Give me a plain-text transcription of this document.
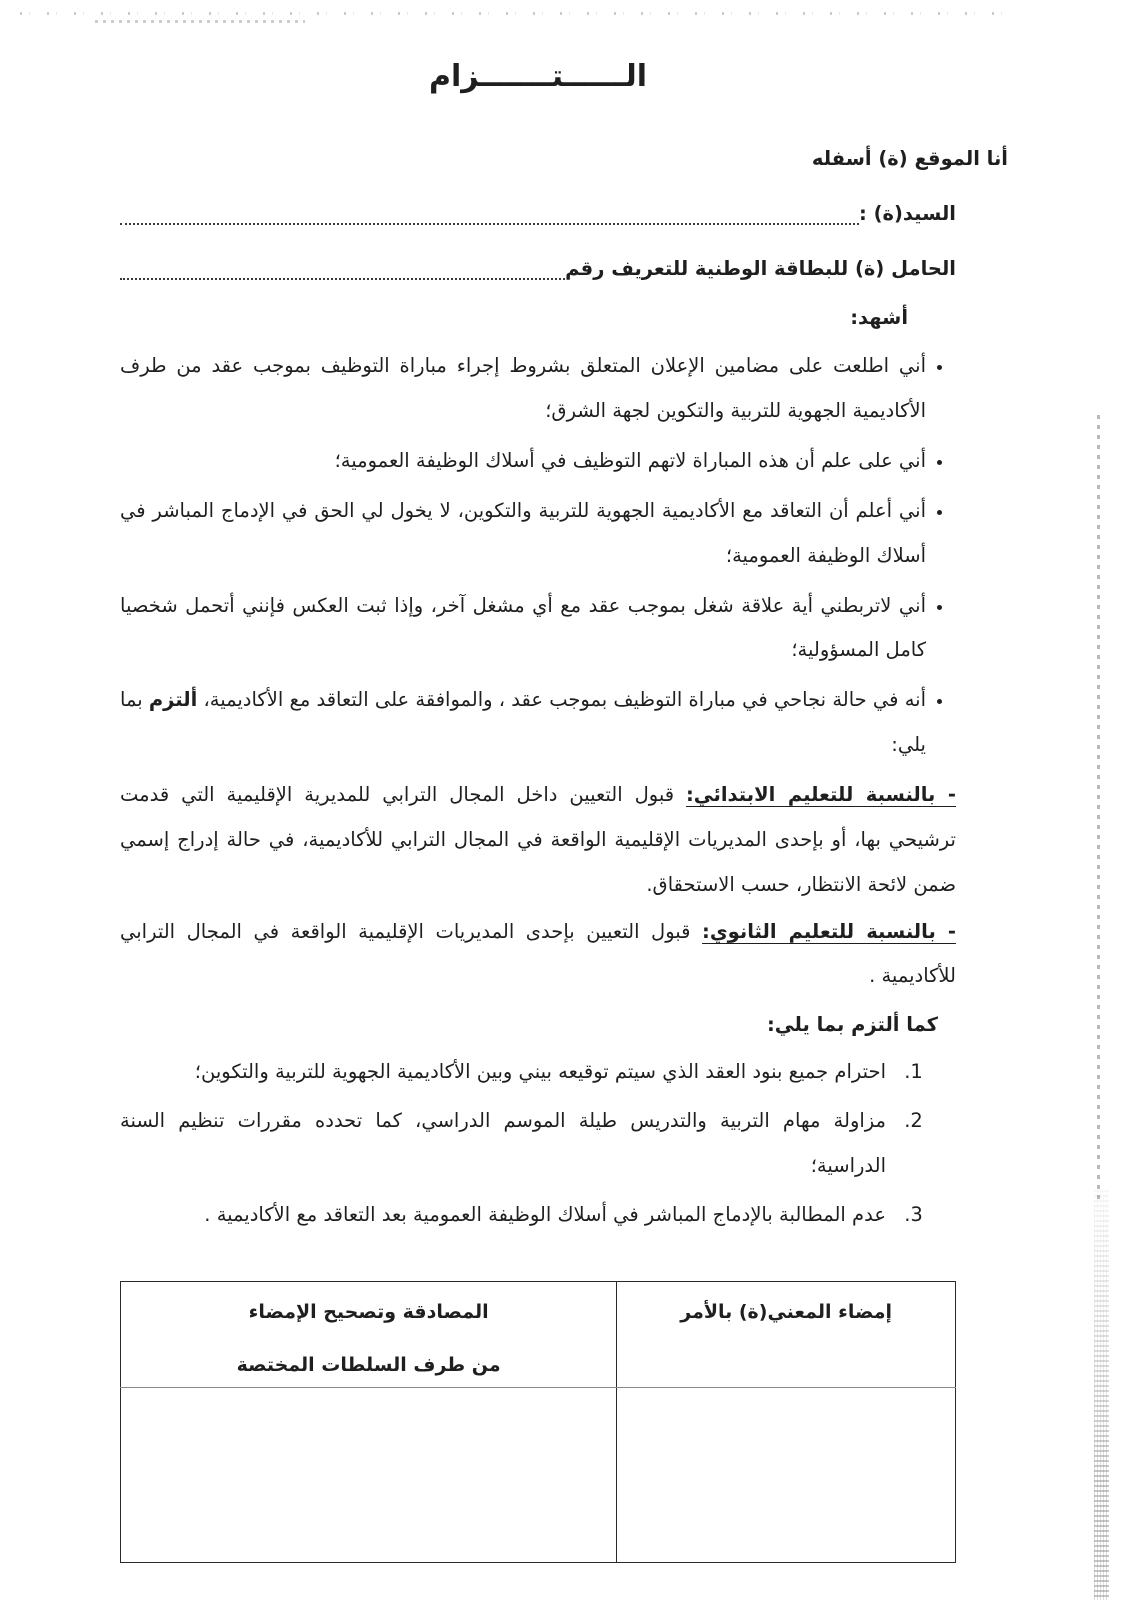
الــــــتـــــــزام

أنا الموقع (ة) أسفله

السيد(ة) :
الحامل (ة) للبطاقة الوطنية للتعريف رقم

أشهد:

• أني اطلعت على مضامين الإعلان المتعلق بشروط إجراء مباراة التوظيف بموجب عقد من طرف الأكاديمية الجهوية للتربية والتكوين لجهة الشرق؛
• أني على علم أن هذه المباراة لاتهم التوظيف في أسلاك الوظيفة العمومية؛
• أني أعلم أن التعاقد مع الأكاديمية الجهوية للتربية والتكوين، لا يخول لي الحق في الإدماج المباشر في أسلاك الوظيفة العمومية؛
• أني لاتربطني أية علاقة شغل بموجب عقد مع أي مشغل آخر، وإذا ثبت العكس فإنني أتحمل شخصيا كامل المسؤولية؛
• أنه في حالة نجاحي في مباراة التوظيف بموجب عقد ، والموافقة على التعاقد مع الأكاديمية، ألتزم بما يلي:

- بالنسبة للتعليم الابتدائي: قبول التعيين داخل المجال الترابي للمديرية الإقليمية التي قدمت ترشيحي بها، أو بإحدى المديريات الإقليمية الواقعة في المجال الترابي للأكاديمية، في حالة إدراج إسمي ضمن لائحة الانتظار، حسب الاستحقاق.

- بالنسبة للتعليم الثانوي: قبول التعيين بإحدى المديريات الإقليمية الواقعة في المجال الترابي للأكاديمية .

كما ألتزم بما يلي:

1. احترام جميع بنود العقد الذي سيتم توقيعه بيني وبين الأكاديمية الجهوية للتربية والتكوين؛
2. مزاولة مهام التربية والتدريس طيلة الموسم الدراسي، كما تحدده مقررات تنظيم السنة الدراسية؛
3. عدم المطالبة بالإدماج المباشر في أسلاك الوظيفة العمومية بعد التعاقد مع الأكاديمية .
إمضاء المعني(ة) بالأمر	المصادقة وتصحيح الإمضاء
من طرف السلطات المختصة
